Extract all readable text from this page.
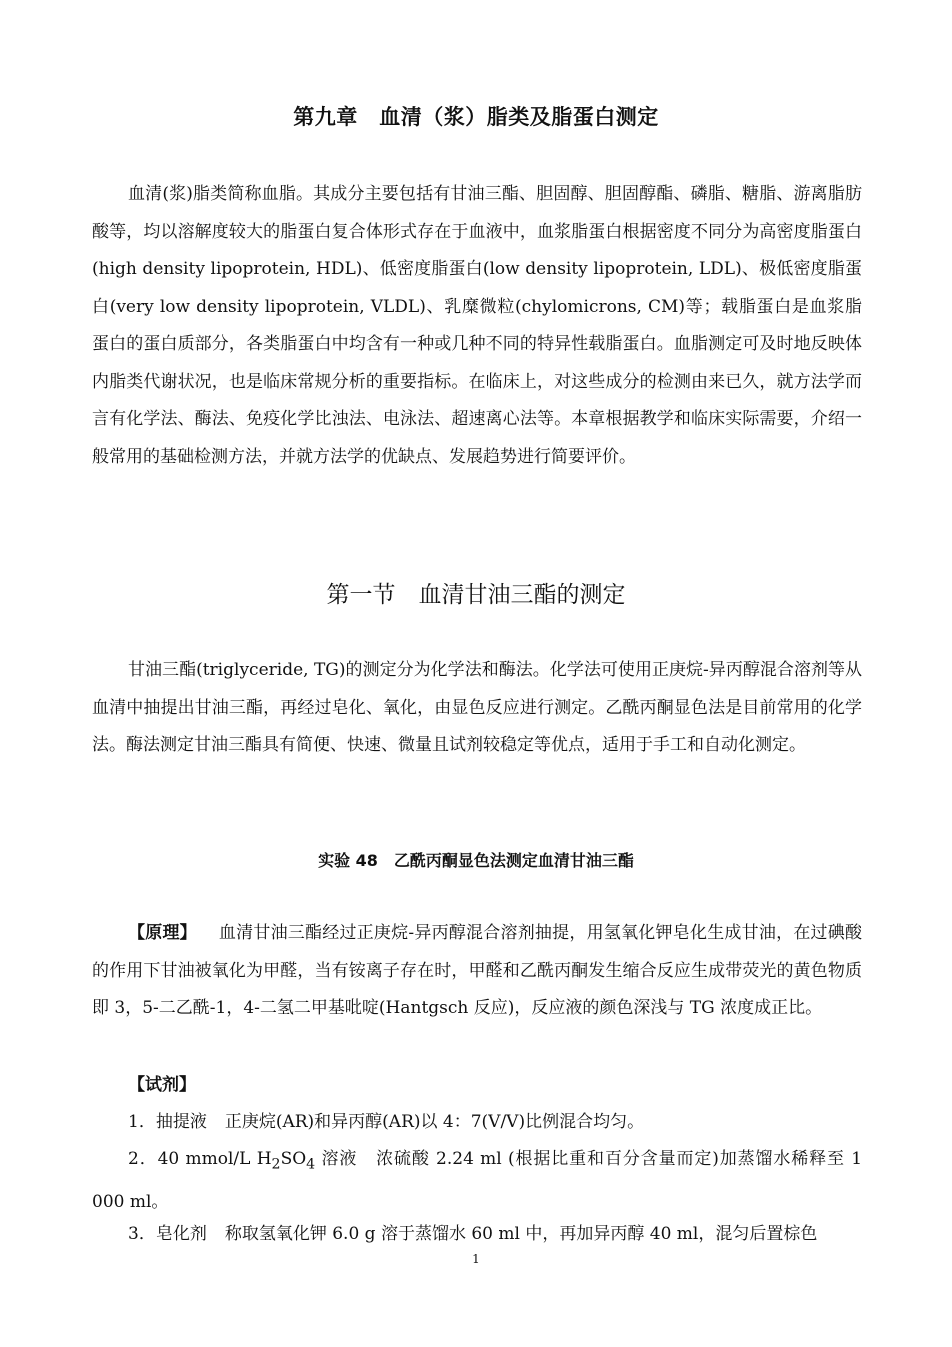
第九章　血清（浆）脂类及脂蛋白测定

血清(浆)脂类简称血脂。其成分主要包括有甘油三酯、胆固醇、胆固醇酯、磷脂、糖脂、游离脂肪酸等，均以溶解度较大的脂蛋白复合体形式存在于血液中，血浆脂蛋白根据密度不同分为高密度脂蛋白(high density lipoprotein, HDL)、低密度脂蛋白(low density lipoprotein, LDL)、极低密度脂蛋白(very low density lipoprotein, VLDL)、乳糜微粒(chylomicrons, CM)等；载脂蛋白是血浆脂蛋白的蛋白质部分，各类脂蛋白中均含有一种或几种不同的特异性载脂蛋白。血脂测定可及时地反映体内脂类代谢状况，也是临床常规分析的重要指标。在临床上，对这些成分的检测由来已久，就方法学而言有化学法、酶法、免疫化学比浊法、电泳法、超速离心法等。本章根据教学和临床实际需要，介绍一般常用的基础检测方法，并就方法学的优缺点、发展趋势进行简要评价。

第一节　血清甘油三酯的测定

甘油三酯(triglyceride, TG)的测定分为化学法和酶法。化学法可使用正庚烷-异丙醇混合溶剂等从血清中抽提出甘油三酯，再经过皂化、氧化，由显色反应进行测定。乙酰丙酮显色法是目前常用的化学法。酶法测定甘油三酯具有简便、快速、微量且试剂较稳定等优点，适用于手工和自动化测定。

实验 48　乙酰丙酮显色法测定血清甘油三酯

【原理】 血清甘油三酯经过正庚烷-异丙醇混合溶剂抽提，用氢氧化钾皂化生成甘油，在过碘酸的作用下甘油被氧化为甲醛，当有铵离子存在时，甲醛和乙酰丙酮发生缩合反应生成带荧光的黄色物质即 3，5-二乙酰-1，4-二氢二甲基吡啶(Hantgsch 反应)，反应液的颜色深浅与 TG 浓度成正比。

【试剂】

1．抽提液 正庚烷(AR)和异丙醇(AR)以 4：7(V/V)比例混合均匀。

2．40 mmol/L $H_2SO_4$ 溶液 浓硫酸 2.24 ml (根据比重和百分含量而定)加蒸馏水稀释至 1 000 ml。

3．皂化剂 称取氢氧化钾 6.0 g 溶于蒸馏水 60 ml 中，再加异丙醇 40 ml，混匀后置棕色

1
